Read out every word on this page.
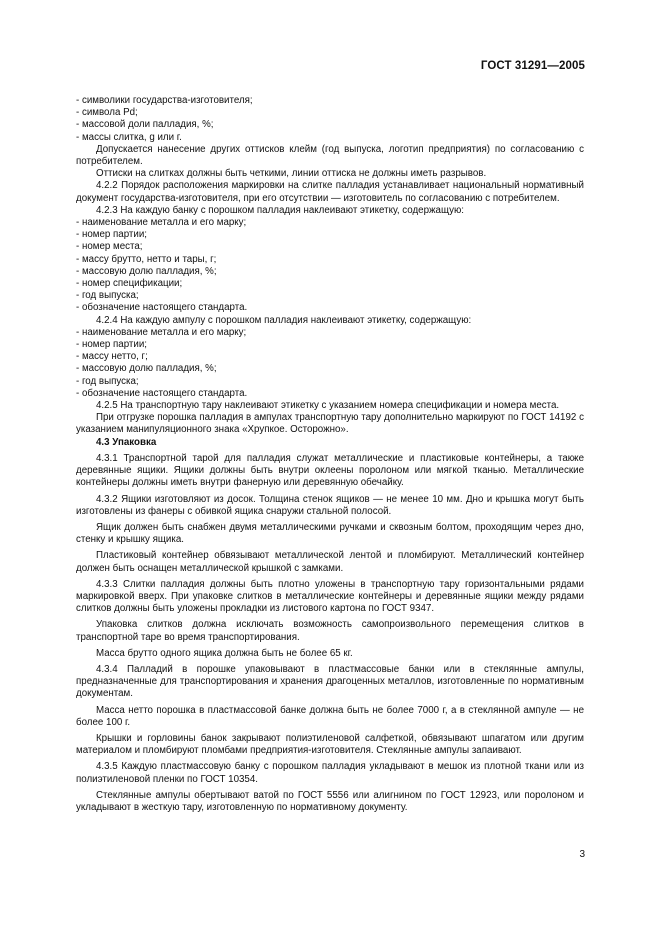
ГОСТ 31291—2005

- символики государства-изготовителя;

- символа Pd;

- массовой доли палладия, %;

- массы слитка, g или г.

Допускается нанесение других оттисков клейм (год выпуска, логотип предприятия) по согласованию с потребителем.

Оттиски на слитках должны быть четкими, линии оттиска не должны иметь разрывов.

4.2.2 Порядок расположения маркировки на слитке палладия устанавливает национальный нормативный документ государства-изготовителя, при его отсутствии — изготовитель по согласованию с потребителем.

4.2.3 На каждую банку с порошком палладия наклеивают этикетку, содержащую:

- наименование металла и его марку;

- номер партии;

- номер места;

- массу брутто, нетто и тары, г;

- массовую долю палладия, %;

- номер спецификации;

- год выпуска;

- обозначение настоящего стандарта.

4.2.4 На каждую ампулу с порошком палладия наклеивают этикетку, содержащую:

- наименование металла и его марку;

- номер партии;

- массу нетто, г;

- массовую долю палладия, %;

- год выпуска;

- обозначение настоящего стандарта.

4.2.5 На транспортную тару наклеивают этикетку с указанием номера спецификации и номера места.

При отгрузке порошка палладия в ампулах транспортную тару дополнительно маркируют по ГОСТ 14192 с указанием манипуляционного знака «Хрупкое. Осторожно».

4.3 Упаковка

4.3.1 Транспортной тарой для палладия служат металлические и пластиковые контейнеры, а также деревянные ящики. Ящики должны быть внутри оклеены поролоном или мягкой тканью. Металлические контейнеры должны иметь внутри фанерную или деревянную обечайку.

4.3.2 Ящики изготовляют из досок. Толщина стенок ящиков — не менее 10 мм. Дно и крышка могут быть изготовлены из фанеры с обивкой ящика снаружи стальной полосой.

Ящик должен быть снабжен двумя металлическими ручками и сквозным болтом, проходящим через дно, стенку и крышку ящика.

Пластиковый контейнер обвязывают металлической лентой и пломбируют. Металлический контейнер должен быть оснащен металлической крышкой с замками.

4.3.3 Слитки палладия должны быть плотно уложены в транспортную тару горизонтальными рядами маркировкой вверх. При упаковке слитков в металлические контейнеры и деревянные ящики между рядами слитков должны быть уложены прокладки из листового картона по ГОСТ 9347.

Упаковка слитков должна исключать возможность самопроизвольного перемещения слитков в транспортной таре во время транспортирования.

Масса брутто одного ящика должна быть не более 65 кг.

4.3.4 Палладий в порошке упаковывают в пластмассовые банки или в стеклянные ампулы, предназначенные для транспортирования и хранения драгоценных металлов, изготовленные по нормативным документам.

Масса нетто порошка в пластмассовой банке должна быть не более 7000 г, а в стеклянной ампуле — не более 100 г.

Крышки и горловины банок закрывают полиэтиленовой салфеткой, обвязывают шпагатом или другим материалом и пломбируют пломбами предприятия-изготовителя. Стеклянные ампулы запаивают.

4.3.5 Каждую пластмассовую банку с порошком палладия укладывают в мешок из плотной ткани или из полиэтиленовой пленки по ГОСТ 10354.

Стеклянные ампулы обертывают ватой по ГОСТ 5556 или алигнином по ГОСТ 12923, или поролоном и укладывают в жесткую тару, изготовленную по нормативному документу.

3
